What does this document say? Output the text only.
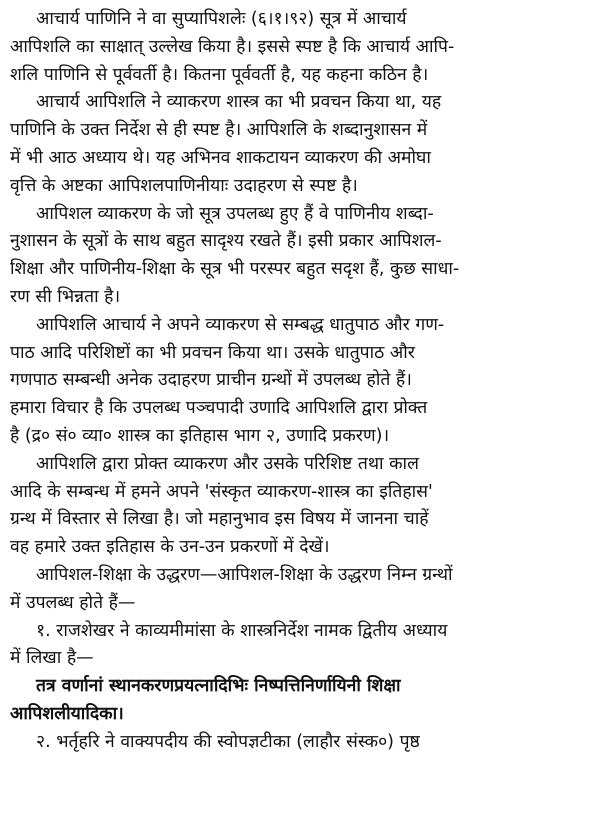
आचार्य पाणिनि ने वा सुप्यापिशलेः (६।१।९२) सूत्र में आचार्य
आपिशलि का साक्षात् उल्लेख किया है। इससे स्पष्ट है कि आचार्य आपि-
शलि पाणिनि से पूर्ववर्ती है। कितना पूर्ववर्ती है, यह कहना कठिन है।
आचार्य आपिशलि ने व्याकरण शास्त्र का भी प्रवचन किया था, यह
पाणिनि के उक्त निर्देश से ही स्पष्ट है। आपिशलि के शब्दानुशासन में
में भी आठ अध्याय थे। यह अभिनव शाकटायन व्याकरण की अमोघा
वृत्ति के अष्टका आपिशलपाणिनीयाः उदाहरण से स्पष्ट है।
आपिशल व्याकरण के जो सूत्र उपलब्ध हुए हैं वे पाणिनीय शब्दा-
नुशासन के सूत्रों के साथ बहुत सादृश्य रखते हैं। इसी प्रकार आपिशल-
शिक्षा और पाणिनीय-शिक्षा के सूत्र भी परस्पर बहुत सदृश हैं, कुछ साधा-
रण सी भिन्नता है।
आपिशलि आचार्य ने अपने व्याकरण से सम्बद्ध धातुपाठ और गण-
पाठ आदि परिशिष्टों का भी प्रवचन किया था। उसके धातुपाठ और
गणपाठ सम्बन्धी अनेक उदाहरण प्राचीन ग्रन्थों में उपलब्ध होते हैं।
हमारा विचार है कि उपलब्ध पञ्चपादी उणादि आपिशलि द्वारा प्रोक्त
है (द्र० सं० व्या० शास्त्र का इतिहास भाग २, उणादि प्रकरण)।
आपिशलि द्वारा प्रोक्त व्याकरण और उसके परिशिष्ट तथा काल
आदि के सम्बन्ध में हमने अपने 'संस्कृत व्याकरण-शास्त्र का इतिहास'
ग्रन्थ में विस्तार से लिखा है। जो महानुभाव इस विषय में जानना चाहें
वह हमारे उक्त इतिहास के उन-उन प्रकरणों में देखें।
आपिशल-शिक्षा के उद्धरण—आपिशल-शिक्षा के उद्धरण निम्न ग्रन्थों
में उपलब्ध होते हैं—
१. राजशेखर ने काव्यमीमांसा के शास्त्रनिर्देश नामक द्वितीय अध्याय
में लिखा है—
तत्र वर्णानां स्थानकरणप्रयत्नादिभिः निष्पत्तिनिर्णायिनी शिक्षा
आपिशलीयादिका।
२. भर्तृहरि ने वाक्यपदीय की स्वोपज्ञटीका (लाहौर संस्क०) पृष्ठ
